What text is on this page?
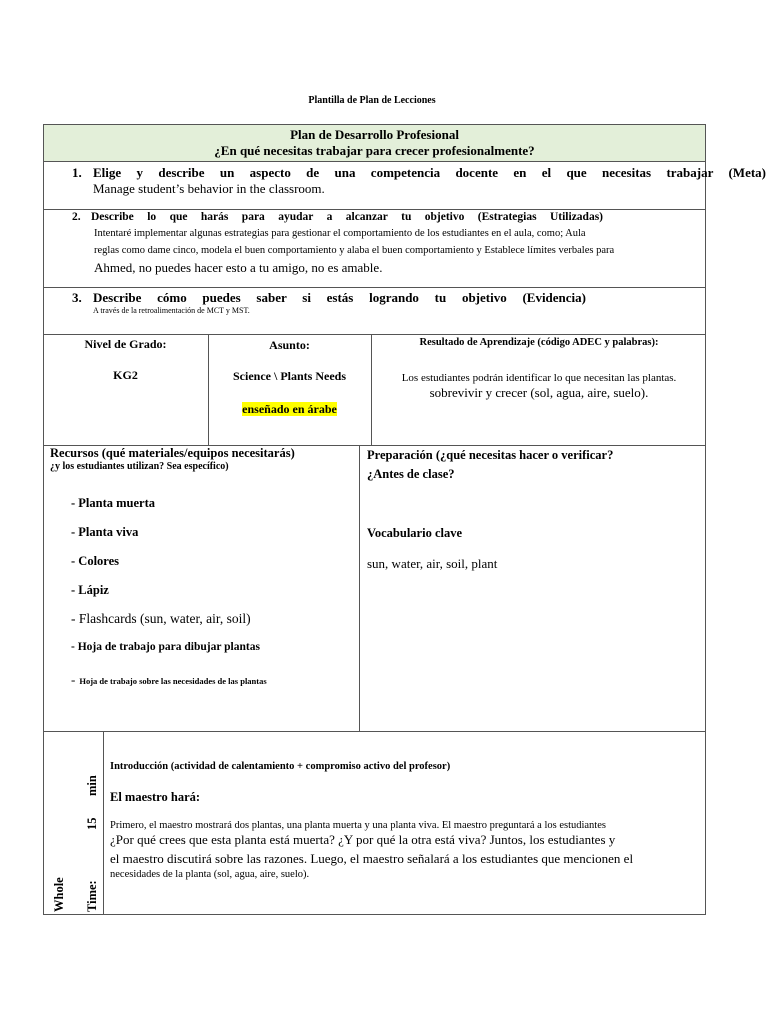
Plantilla de Plan de Lecciones
Plan de Desarrollo Profesional
¿En qué necesitas trabajar para crecer profesionalmente?
1. Elige y describe un aspecto de una competencia docente en el que necesitas trabajar (Meta)
Manage student’s behavior in the classroom.
2. Describe lo que harás para ayudar a alcanzar tu objetivo (Estrategias Utilizadas)
Intentaré implementar algunas estrategias para gestionar el comportamiento de los estudiantes en el aula, como; Aula
reglas como dame cinco, modela el buen comportamiento y alaba el buen comportamiento y Establece límites verbales para
Ahmed, no puedes hacer esto a tu amigo, no es amable.
3. Describe cómo puedes saber si estás logrando tu objetivo (Evidencia)
A través de la retroalimentación de MCT y MST.
Nivel de Grado:
KG2
Asunto:
Science \ Plants Needs
enseñado en árabe
Resultado de Aprendizaje (código ADEC y palabras):
Los estudiantes podrán identificar lo que necesitan las plantas.
sobrevivir y crecer (sol, agua, aire, suelo).
Recursos (qué materiales/equipos necesitarás)
¿y los estudiantes utilizan? Sea específico)
- Planta muerta
- Planta viva
- Colores
- Lápiz
- Flashcards (sun, water, air, soil)
- Hoja de trabajo para dibujar plantas
- Hoja de trabajo sobre las necesidades de las plantas
Preparación (¿qué necesitas hacer o verificar?
¿Antes de clase?
Vocabulario clave
sun, water, air, soil, plant
Whole Time:
15
min
Introducción (actividad de calentamiento + compromiso activo del profesor)
El maestro hará:
Primero, el maestro mostrará dos plantas, una planta muerta y una planta viva. El maestro preguntará a los estudiantes
¿Por qué crees que esta planta está muerta? ¿Y por qué la otra está viva? Juntos, los estudiantes y
el maestro discutirá sobre las razones. Luego, el maestro señalará a los estudiantes que mencionen el
necesidades de la planta (sol, agua, aire, suelo).
